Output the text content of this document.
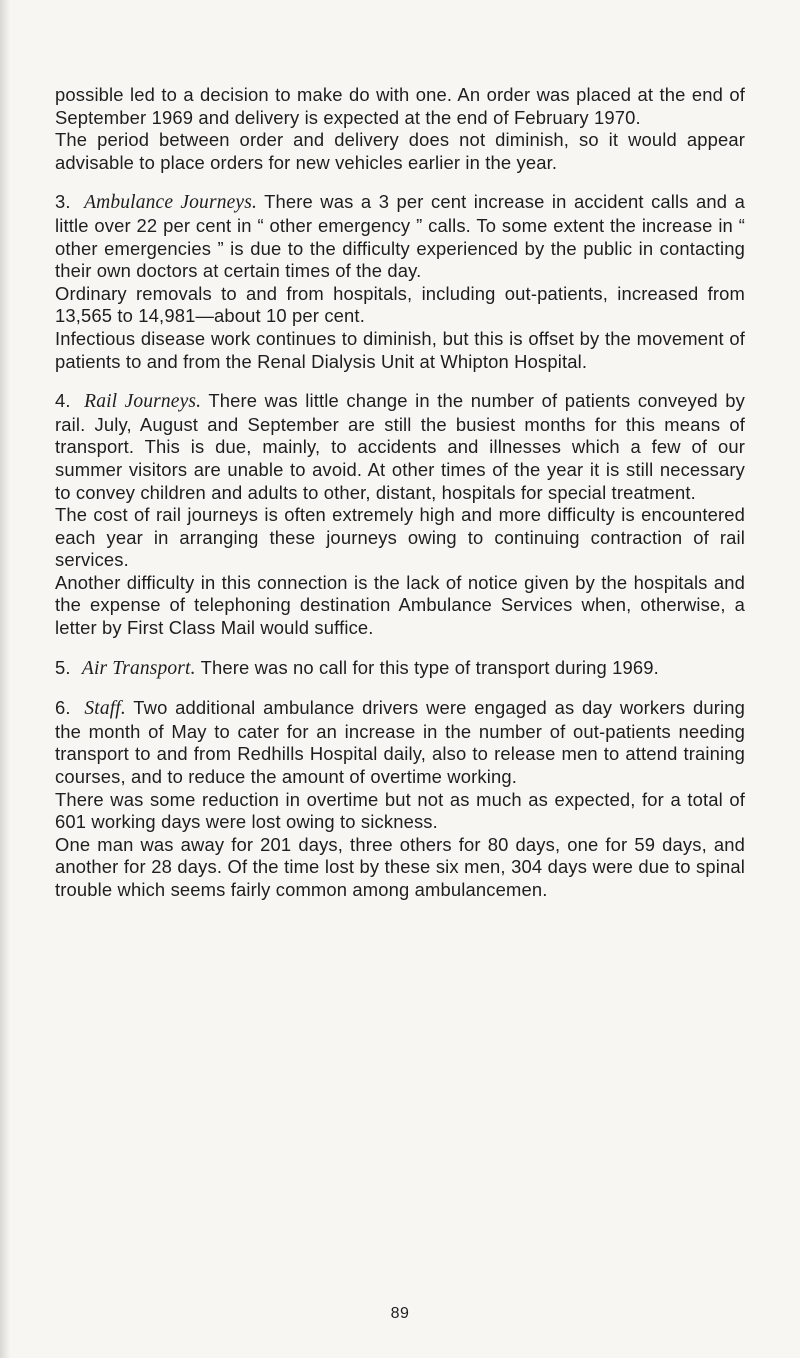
possible led to a decision to make do with one. An order was placed at the end of September 1969 and delivery is expected at the end of February 1970.

The period between order and delivery does not diminish, so it would appear advisable to place orders for new vehicles earlier in the year.

3. Ambulance Journeys. There was a 3 per cent increase in accident calls and a little over 22 per cent in “ other emergency ” calls. To some extent the increase in “ other emergencies ” is due to the difficulty experienced by the public in contacting their own doctors at certain times of the day.

Ordinary removals to and from hospitals, including out-patients, increased from 13,565 to 14,981—about 10 per cent.

Infectious disease work continues to diminish, but this is offset by the movement of patients to and from the Renal Dialysis Unit at Whipton Hospital.

4. Rail Journeys. There was little change in the number of patients conveyed by rail. July, August and September are still the busiest months for this means of transport. This is due, mainly, to accidents and illnesses which a few of our summer visitors are unable to avoid. At other times of the year it is still necessary to convey children and adults to other, distant, hospitals for special treatment.

The cost of rail journeys is often extremely high and more difficulty is encountered each year in arranging these journeys owing to continuing contraction of rail services.

Another difficulty in this connection is the lack of notice given by the hospitals and the expense of telephoning destination Ambulance Services when, otherwise, a letter by First Class Mail would suffice.

5. Air Transport. There was no call for this type of transport during 1969.

6. Staff. Two additional ambulance drivers were engaged as day workers during the month of May to cater for an increase in the number of out-patients needing transport to and from Redhills Hospital daily, also to release men to attend training courses, and to reduce the amount of overtime working.

There was some reduction in overtime but not as much as expected, for a total of 601 working days were lost owing to sickness.

One man was away for 201 days, three others for 80 days, one for 59 days, and another for 28 days. Of the time lost by these six men, 304 days were due to spinal trouble which seems fairly common among ambulancemen.

89
